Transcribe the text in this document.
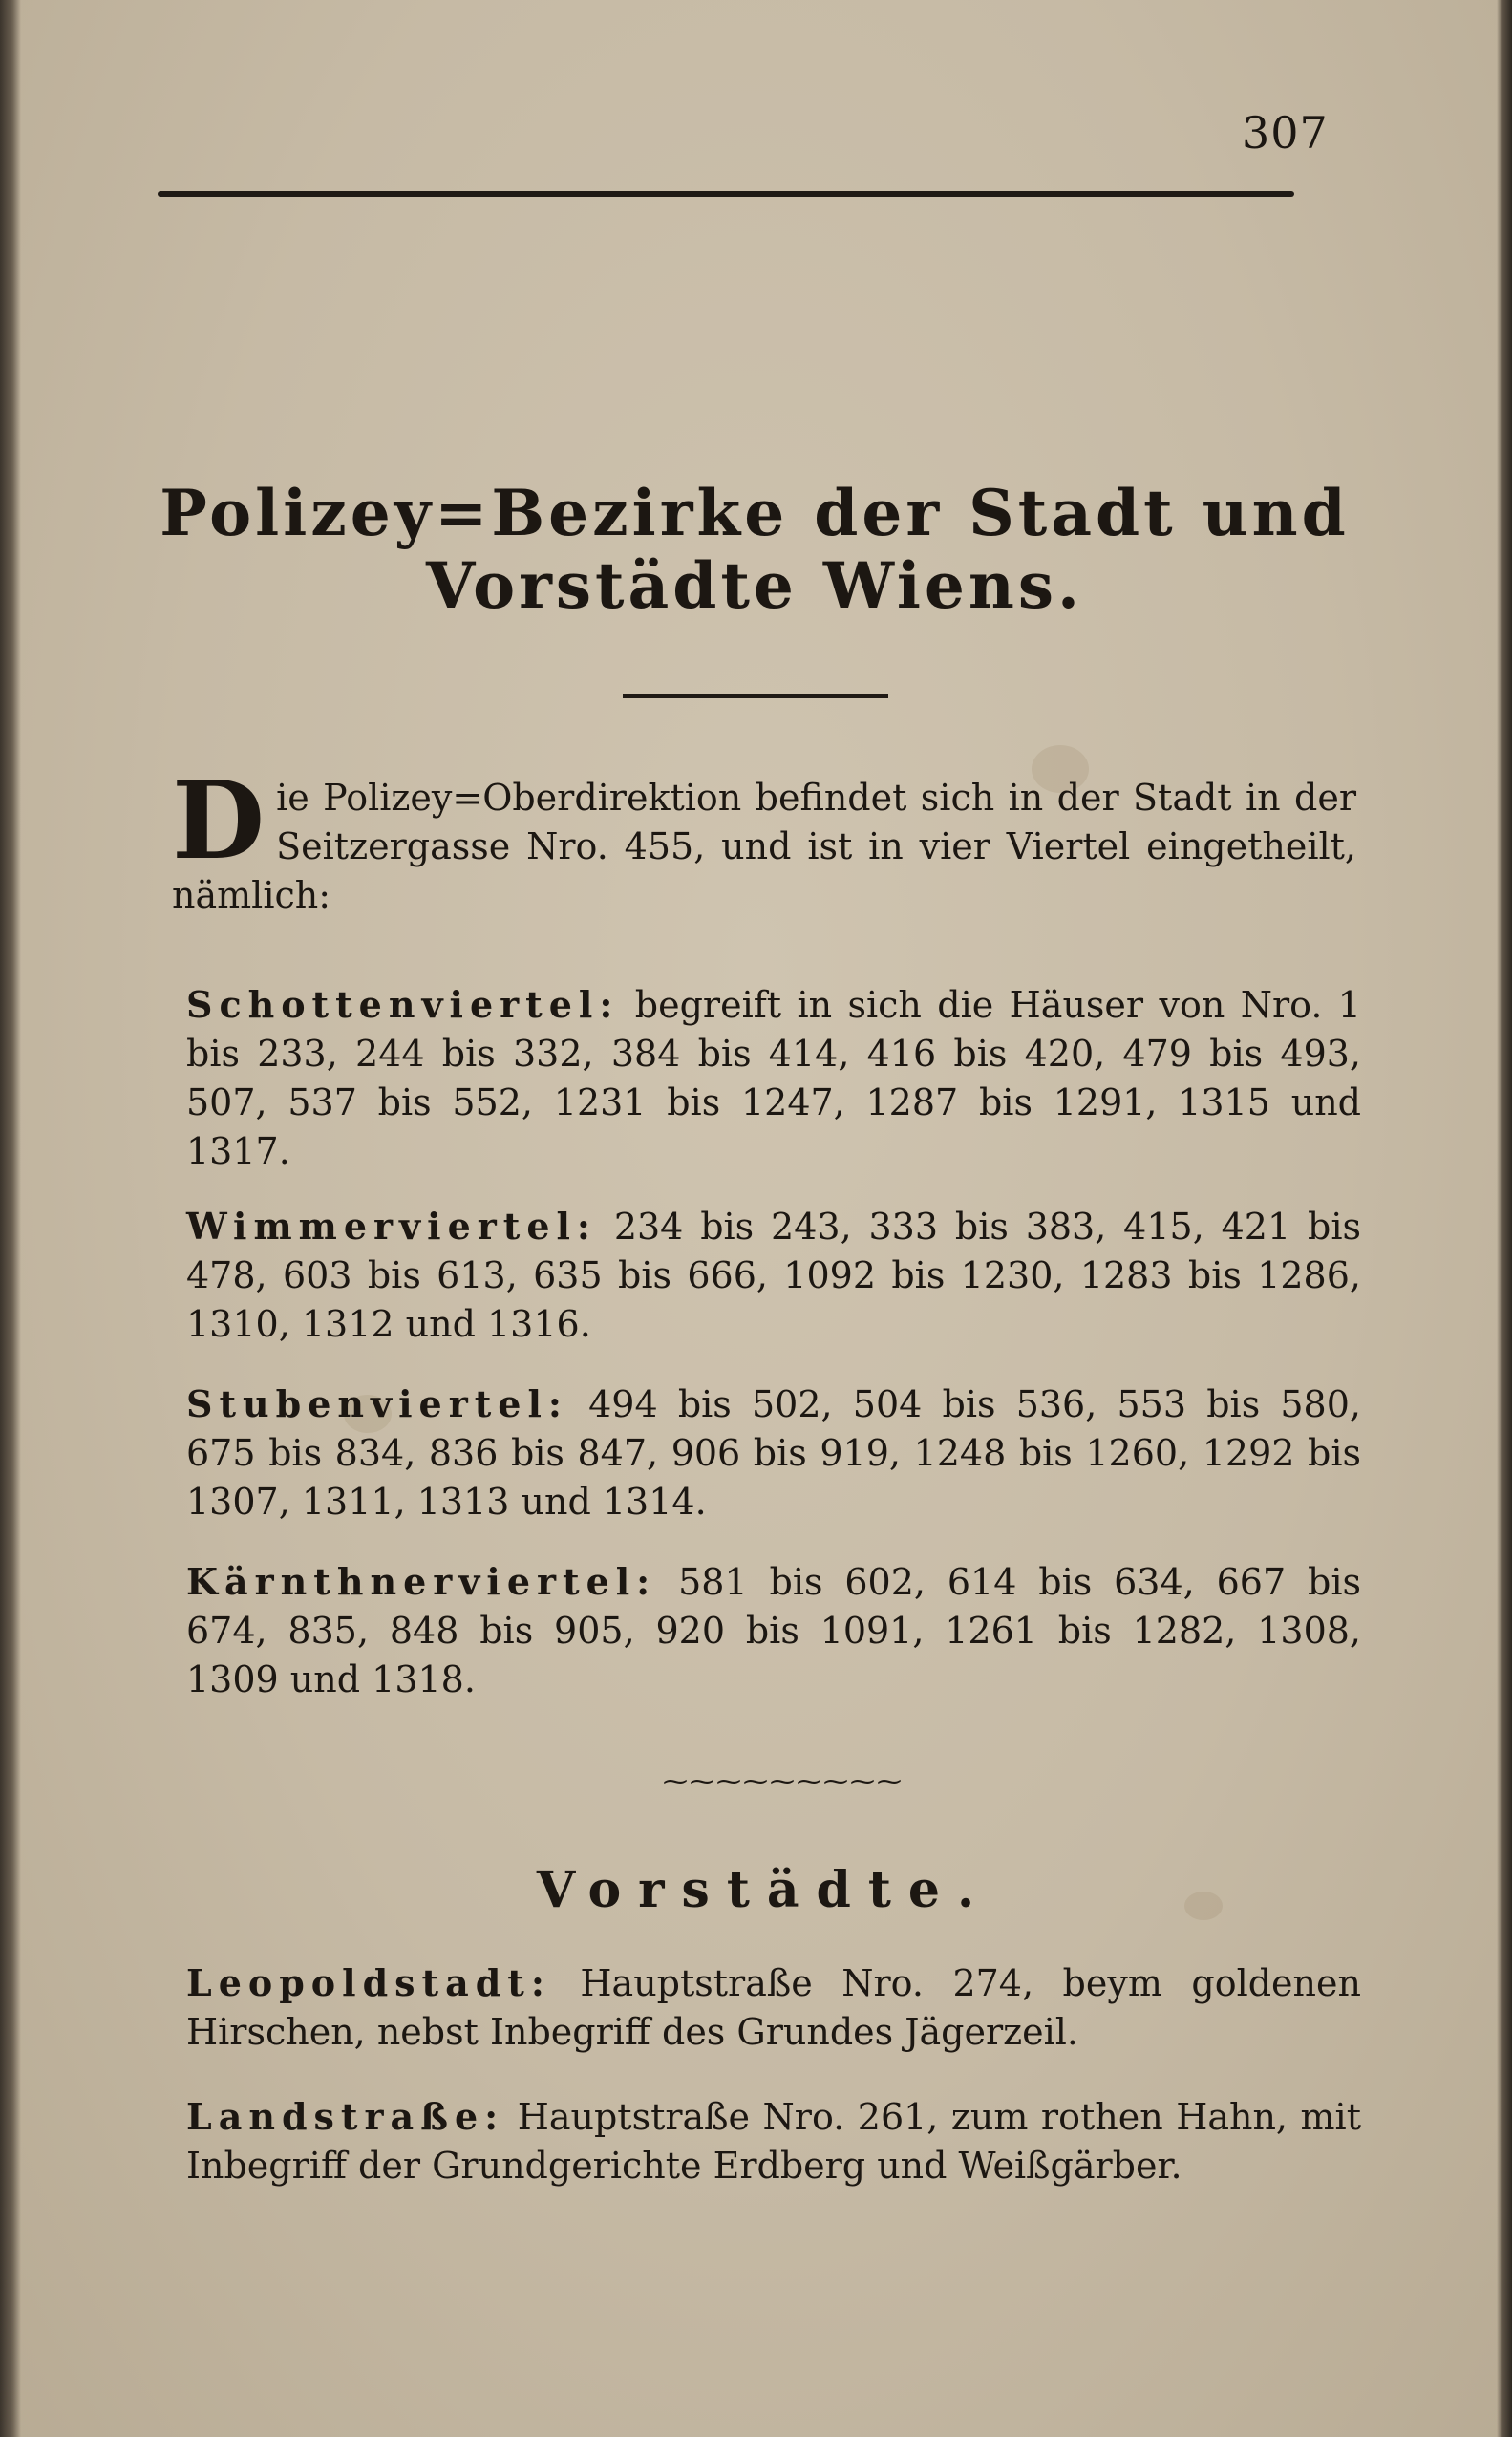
307
Polizey=Bezirke der Stadt und
Vorstädte Wiens.
D ie Polizey=Oberdirektion befindet sich in der Stadt in der Seitzergasse Nro. 455, und ist in vier Viertel eingetheilt, nämlich:
Schottenviertel: begreift in sich die Häuser von Nro. 1 bis 233, 244 bis 332, 384 bis 414, 416 bis 420, 479 bis 493, 507, 537 bis 552, 1231 bis 1247, 1287 bis 1291, 1315 und 1317.
Wimmerviertel: 234 bis 243, 333 bis 383, 415, 421 bis 478, 603 bis 613, 635 bis 666, 1092 bis 1230, 1283 bis 1286, 1310, 1312 und 1316.
Stubenviertel: 494 bis 502, 504 bis 536, 553 bis 580, 675 bis 834, 836 bis 847, 906 bis 919, 1248 bis 1260, 1292 bis 1307, 1311, 1313 und 1314.
Kärnthnerviertel: 581 bis 602, 614 bis 634, 667 bis 674, 835, 848 bis 905, 920 bis 1091, 1261 bis 1282, 1308, 1309 und 1318.
⁓⁓⁓⁓⁓⁓⁓⁓⁓
Vorstädte.
Leopoldstadt: Hauptstraße Nro. 274, beym goldenen Hirschen, nebst Inbegriff des Grundes Jägerzeil.
Landstraße: Hauptstraße Nro. 261, zum rothen Hahn, mit Inbegriff der Grundgerichte Erdberg und Weißgärber.
